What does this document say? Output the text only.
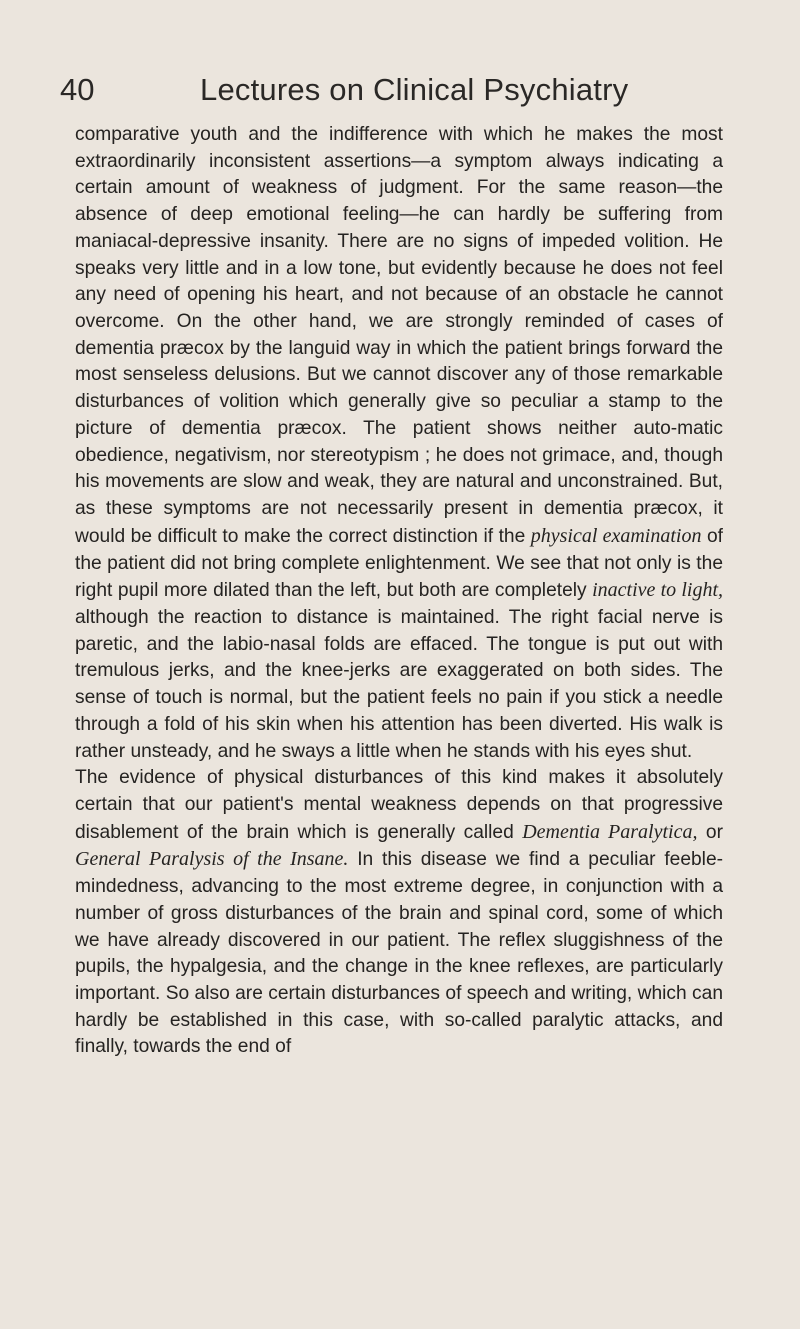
40	Lectures on Clinical Psychiatry

comparative youth and the indifference with which he makes the most extraordinarily inconsistent assertions—a symptom always indicating a certain amount of weakness of judgment. For the same reason—the absence of deep emotional feeling—he can hardly be suffering from maniacal-depressive insanity. There are no signs of impeded volition. He speaks very little and in a low tone, but evidently because he does not feel any need of opening his heart, and not because of an obstacle he cannot overcome. On the other hand, we are strongly reminded of cases of dementia præcox by the languid way in which the patient brings forward the most senseless delusions. But we cannot discover any of those remarkable disturbances of volition which generally give so peculiar a stamp to the picture of dementia præcox. The patient shows neither auto-matic obedience, negativism, nor stereotypism ; he does not grimace, and, though his movements are slow and weak, they are natural and unconstrained. But, as these symptoms are not necessarily present in dementia præcox, it would be difficult to make the correct distinction if the physical examination of the patient did not bring complete enlightenment. We see that not only is the right pupil more dilated than the left, but both are completely inactive to light, although the reaction to distance is maintained. The right facial nerve is paretic, and the labio-nasal folds are effaced. The tongue is put out with tremulous jerks, and the knee-jerks are exaggerated on both sides. The sense of touch is normal, but the patient feels no pain if you stick a needle through a fold of his skin when his attention has been diverted. His walk is rather unsteady, and he sways a little when he stands with his eyes shut.

The evidence of physical disturbances of this kind makes it absolutely certain that our patient's mental weakness depends on that progressive disablement of the brain which is generally called Dementia Paralytica, or General Paralysis of the Insane. In this disease we find a peculiar feeble-mindedness, advancing to the most extreme degree, in conjunction with a number of gross disturbances of the brain and spinal cord, some of which we have already discovered in our patient. The reflex sluggishness of the pupils, the hypalgesia, and the change in the knee reflexes, are particularly important. So also are certain disturbances of speech and writing, which can hardly be established in this case, with so-called paralytic attacks, and finally, towards the end of
